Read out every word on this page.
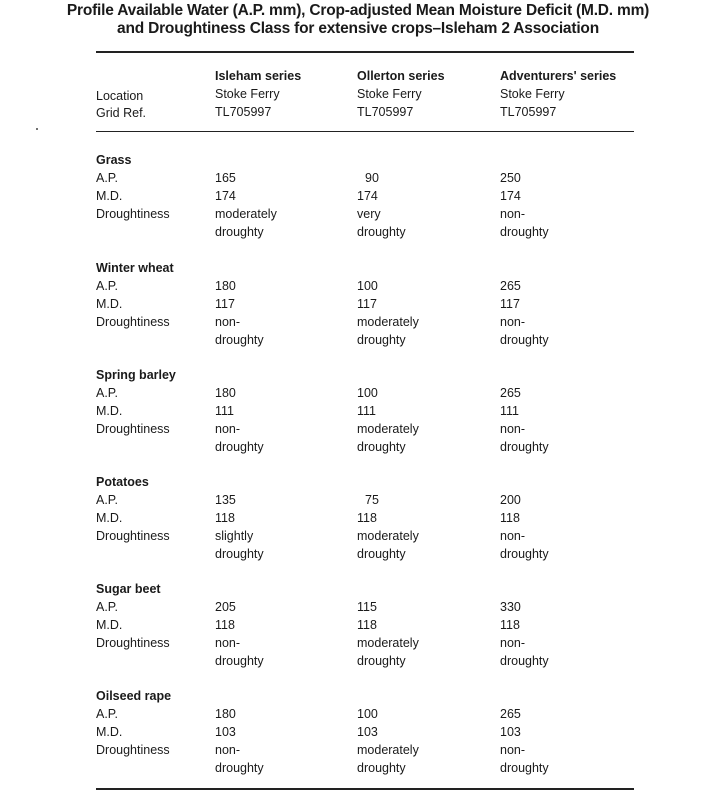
Profile Available Water (A.P. mm), Crop-adjusted Mean Moisture Deficit (M.D. mm)
and Droughtiness Class for extensive crops–Isleham 2 Association
Location
Grid Ref.
Isleham series
Stoke Ferry
TL705997
Ollerton series
Stoke Ferry
TL705997
Adventurers' series
Stoke Ferry
TL705997
Grass
A.P.
M.D.
Droughtiness
165
174
moderately
droughty
90
174
very
droughty
250
174
non-
droughty
Winter wheat
A.P.
M.D.
Droughtiness
180
117
non-
droughty
100
117
moderately
droughty
265
117
non-
droughty
Spring barley
A.P.
M.D.
Droughtiness
180
111
non-
droughty
100
111
moderately
droughty
265
111
non-
droughty
Potatoes
A.P.
M.D.
Droughtiness
135
118
slightly
droughty
75
118
moderately
droughty
200
118
non-
droughty
Sugar beet
A.P.
M.D.
Droughtiness
205
118
non-
droughty
115
118
moderately
droughty
330
118
non-
droughty
Oilseed rape
A.P.
M.D.
Droughtiness
180
103
non-
droughty
100
103
moderately
droughty
265
103
non-
droughty
